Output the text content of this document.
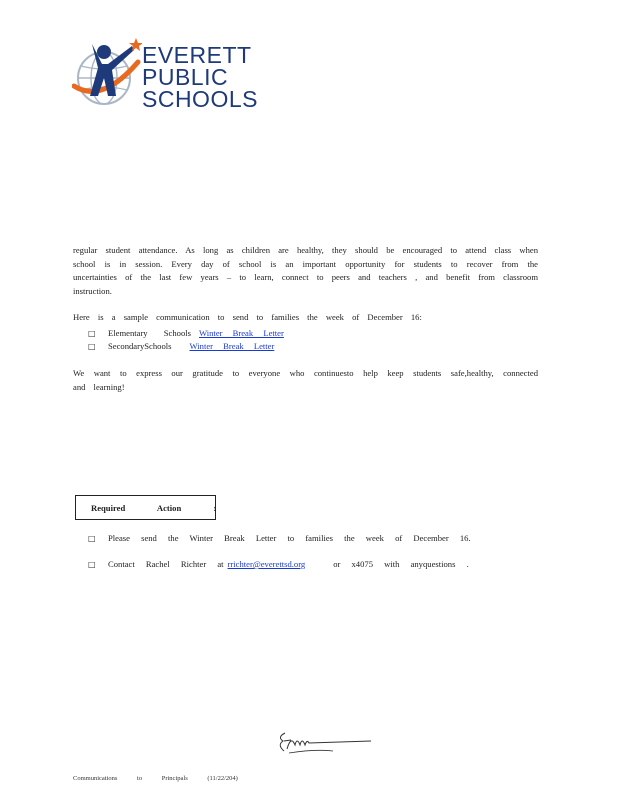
EVERETT
PUBLIC
SCHOOLS
regular student attendance. As long as children are healthy, they should be encouraged to attend class when school is in session. Every day of school is an important opportunity for students to recover from the uncertainties of the last few years – to learn, connect to peers and teachers , and benefit from classroom instruction.
Here is a sample communication to send to families the week of December 16:
□	Elementary Schools Winter Break Letter
□	SecondarySchools Winter Break Letter
We want to express our gratitude to everyone who continuesto help keep students safe,healthy, connected and learning!
Required Action :
□	Please send the Winter Break Letter to families the week of December 16.
□	Contact Rachel Richter at rrichter@everettsd.org	or x4075 with anyquestions .
Communications to Principals (11/22/204)
